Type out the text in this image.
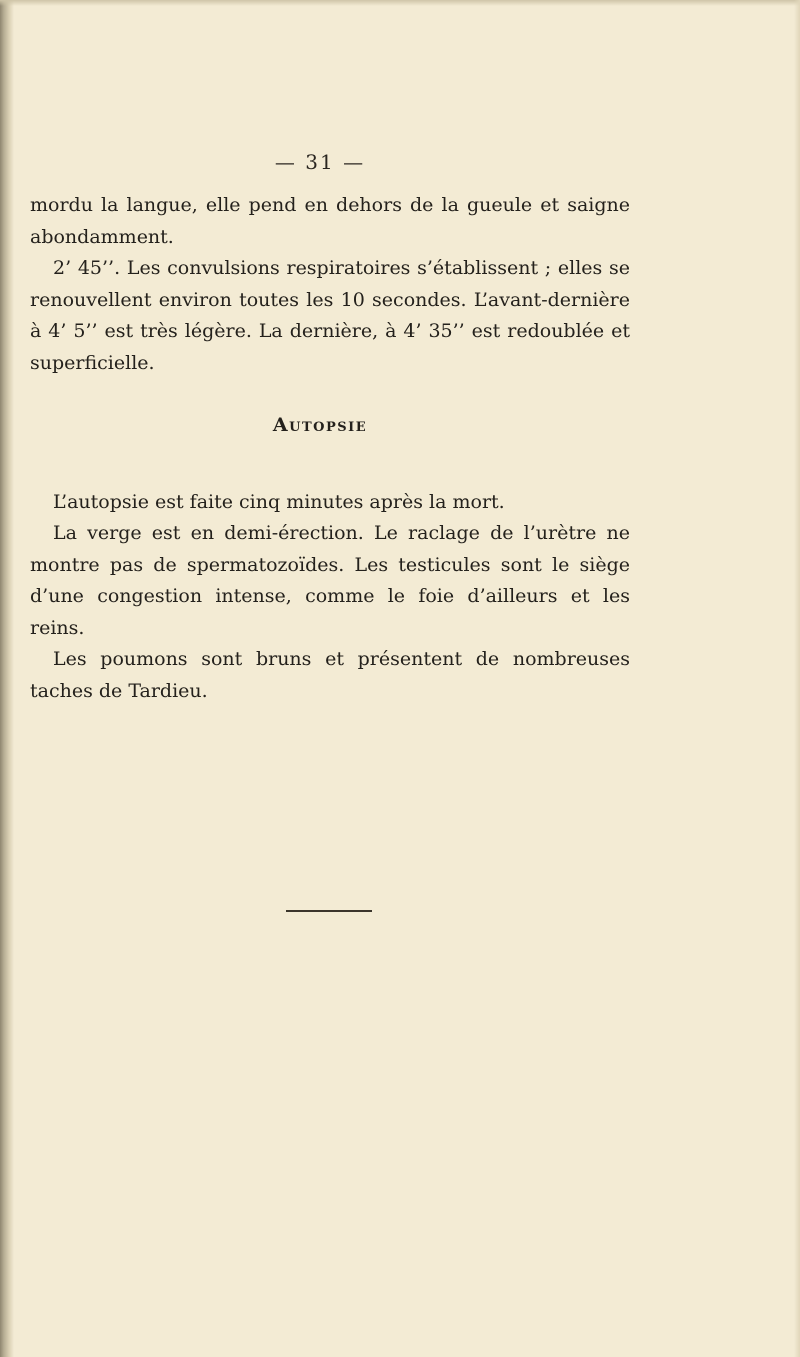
— 31 —

mordu la langue, elle pend en dehors de la gueule et saigne abondamment.

2’ 45’’. Les convulsions respiratoires s’établissent ; elles se renouvellent environ toutes les 10 secondes. L’avant-dernière à 4’ 5’’ est très légère. La dernière, à 4’ 35’’ est redoublée et superficielle.

Autopsie

L’autopsie est faite cinq minutes après la mort.

La verge est en demi-érection. Le raclage de l’urètre ne montre pas de spermatozoïdes. Les testicules sont le siège d’une congestion intense, comme le foie d’ailleurs et les reins.

Les poumons sont bruns et présentent de nombreuses taches de Tardieu.
